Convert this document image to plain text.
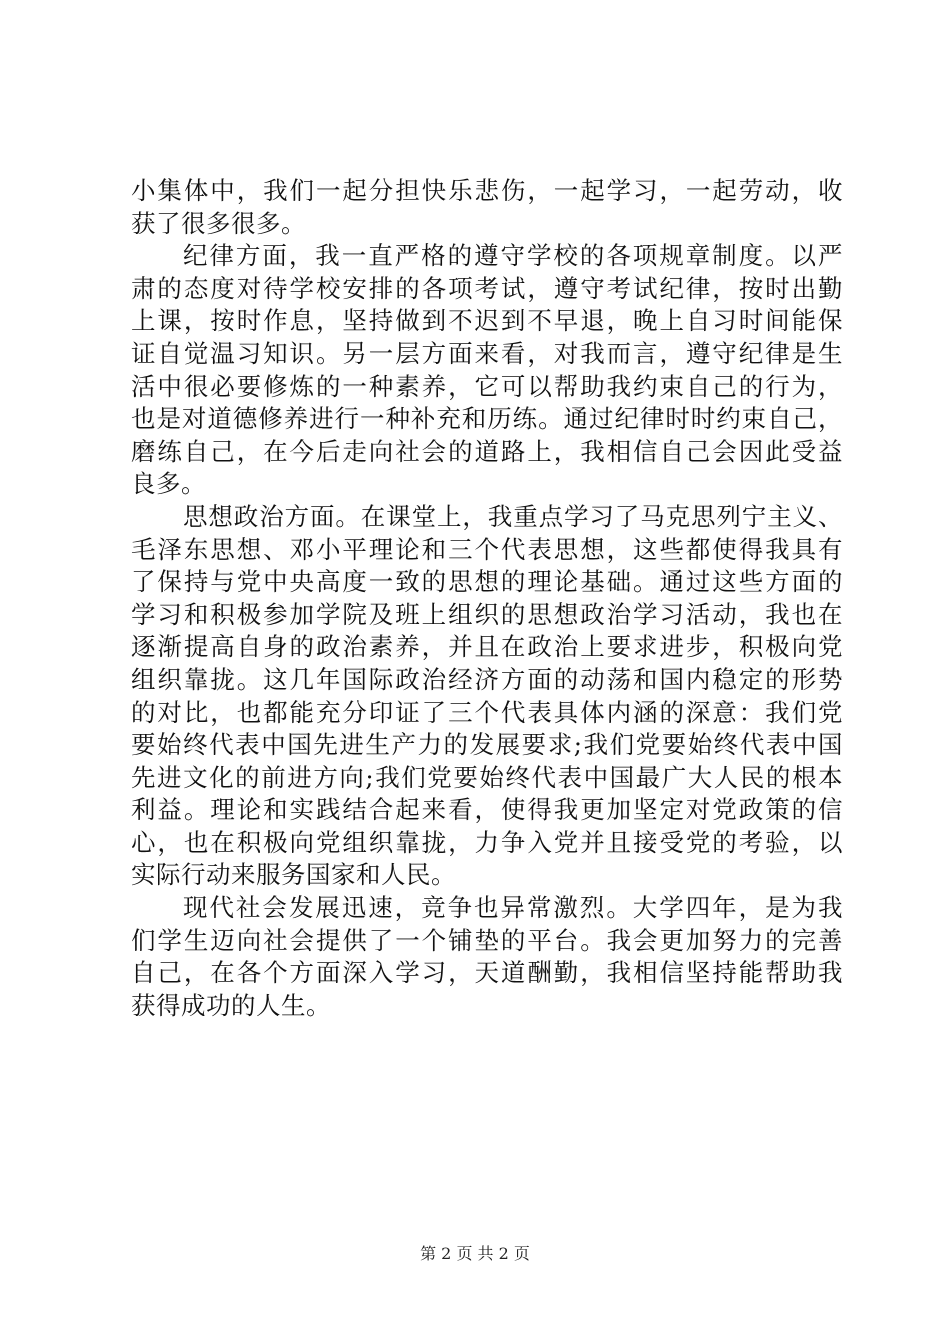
小集体中，我们一起分担快乐悲伤，一起学习，一起劳动，收
获了很多很多。
纪律方面，我一直严格的遵守学校的各项规章制度。以严
肃的态度对待学校安排的各项考试，遵守考试纪律，按时出勤
上课，按时作息，坚持做到不迟到不早退，晚上自习时间能保
证自觉温习知识。另一层方面来看，对我而言，遵守纪律是生
活中很必要修炼的一种素养，它可以帮助我约束自己的行为，
也是对道德修养进行一种补充和历练。通过纪律时时约束自己，
磨练自己，在今后走向社会的道路上，我相信自己会因此受益
良多。
思想政治方面。在课堂上，我重点学习了马克思列宁主义、
毛泽东思想、邓小平理论和三个代表思想，这些都使得我具有
了保持与党中央高度一致的思想的理论基础。通过这些方面的
学习和积极参加学院及班上组织的思想政治学习活动，我也在
逐渐提高自身的政治素养，并且在政治上要求进步，积极向党
组织靠拢。这几年国际政治经济方面的动荡和国内稳定的形势
的对比，也都能充分印证了三个代表具体内涵的深意：我们党
要始终代表中国先进生产力的发展要求;我们党要始终代表中国
先进文化的前进方向;我们党要始终代表中国最广大人民的根本
利益。理论和实践结合起来看，使得我更加坚定对党政策的信
心，也在积极向党组织靠拢，力争入党并且接受党的考验，以
实际行动来服务国家和人民。
现代社会发展迅速，竞争也异常激烈。大学四年，是为我
们学生迈向社会提供了一个铺垫的平台。我会更加努力的完善
自己，在各个方面深入学习，天道酬勤，我相信坚持能帮助我
获得成功的人生。
第 2 页 共 2 页
